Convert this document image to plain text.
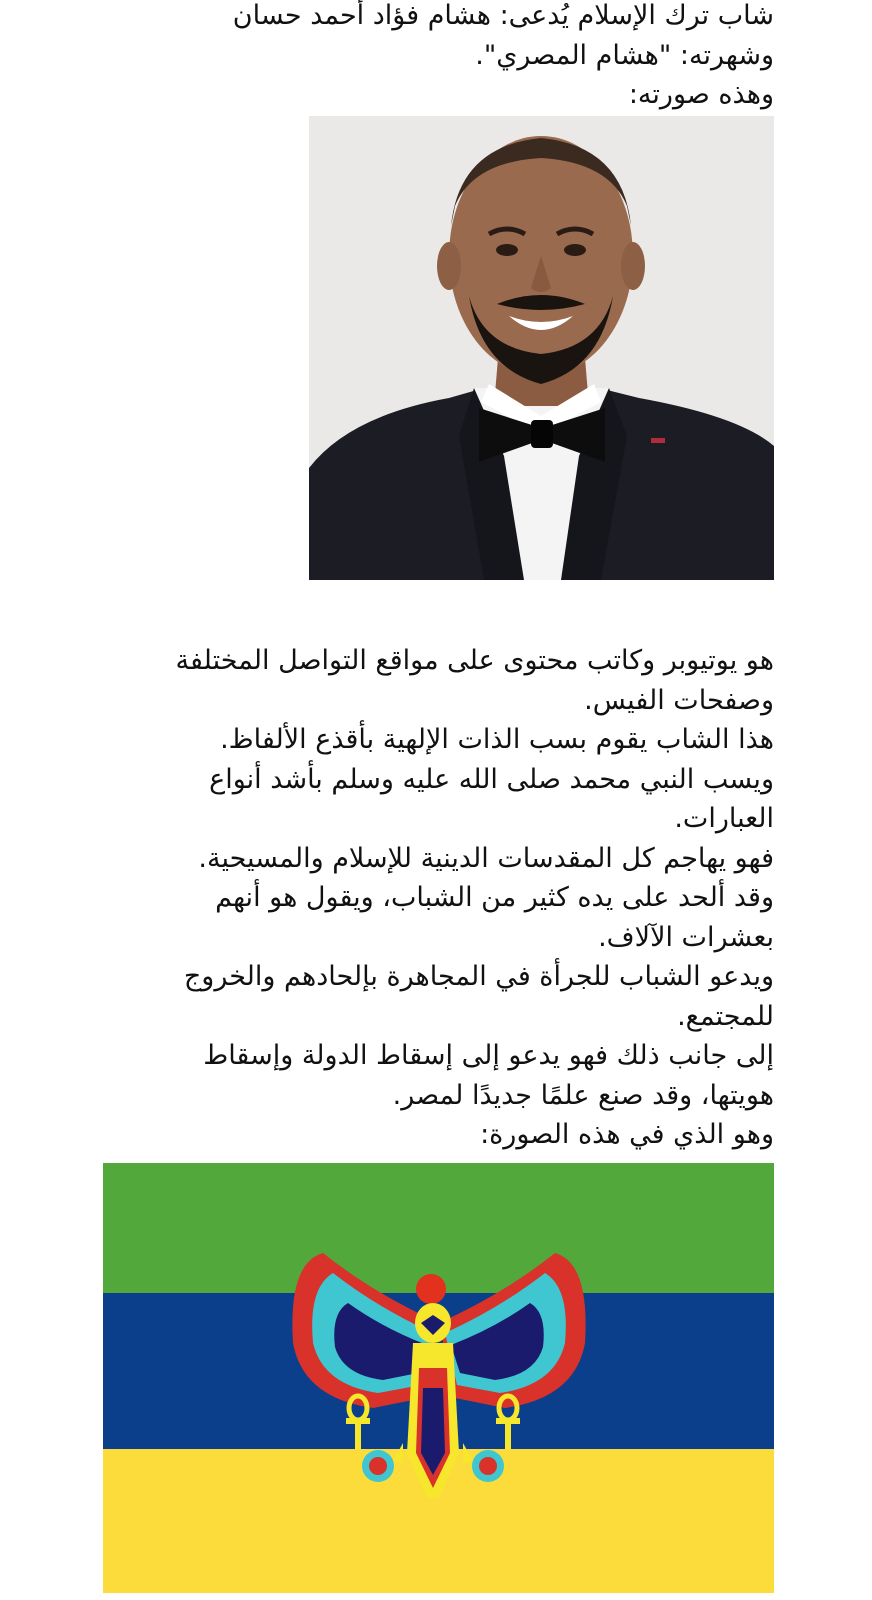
شاب ترك الإسلام يُدعى: هشام فؤاد أحمد حسان
وشهرته: "هشام المصري".
وهذه صورته:
هو يوتيوبر وكاتب محتوى على مواقع التواصل المختلفة
وصفحات الفيس.
هذا الشاب يقوم بسب الذات الإلهية بأقذع الألفاظ.
ويسب النبي محمد صلى الله عليه وسلم بأشد أنواع
العبارات.
فهو يهاجم كل المقدسات الدينية للإسلام والمسيحية.
وقد ألحد على يده كثير من الشباب، ويقول هو أنهم
بعشرات الآلاف.
ويدعو الشباب للجرأة في المجاهرة بإلحادهم والخروج
للمجتمع.
إلى جانب ذلك فهو يدعو إلى إسقاط الدولة وإسقاط
هويتها، وقد صنع علمًا جديدًا لمصر.
وهو الذي في هذه الصورة:
